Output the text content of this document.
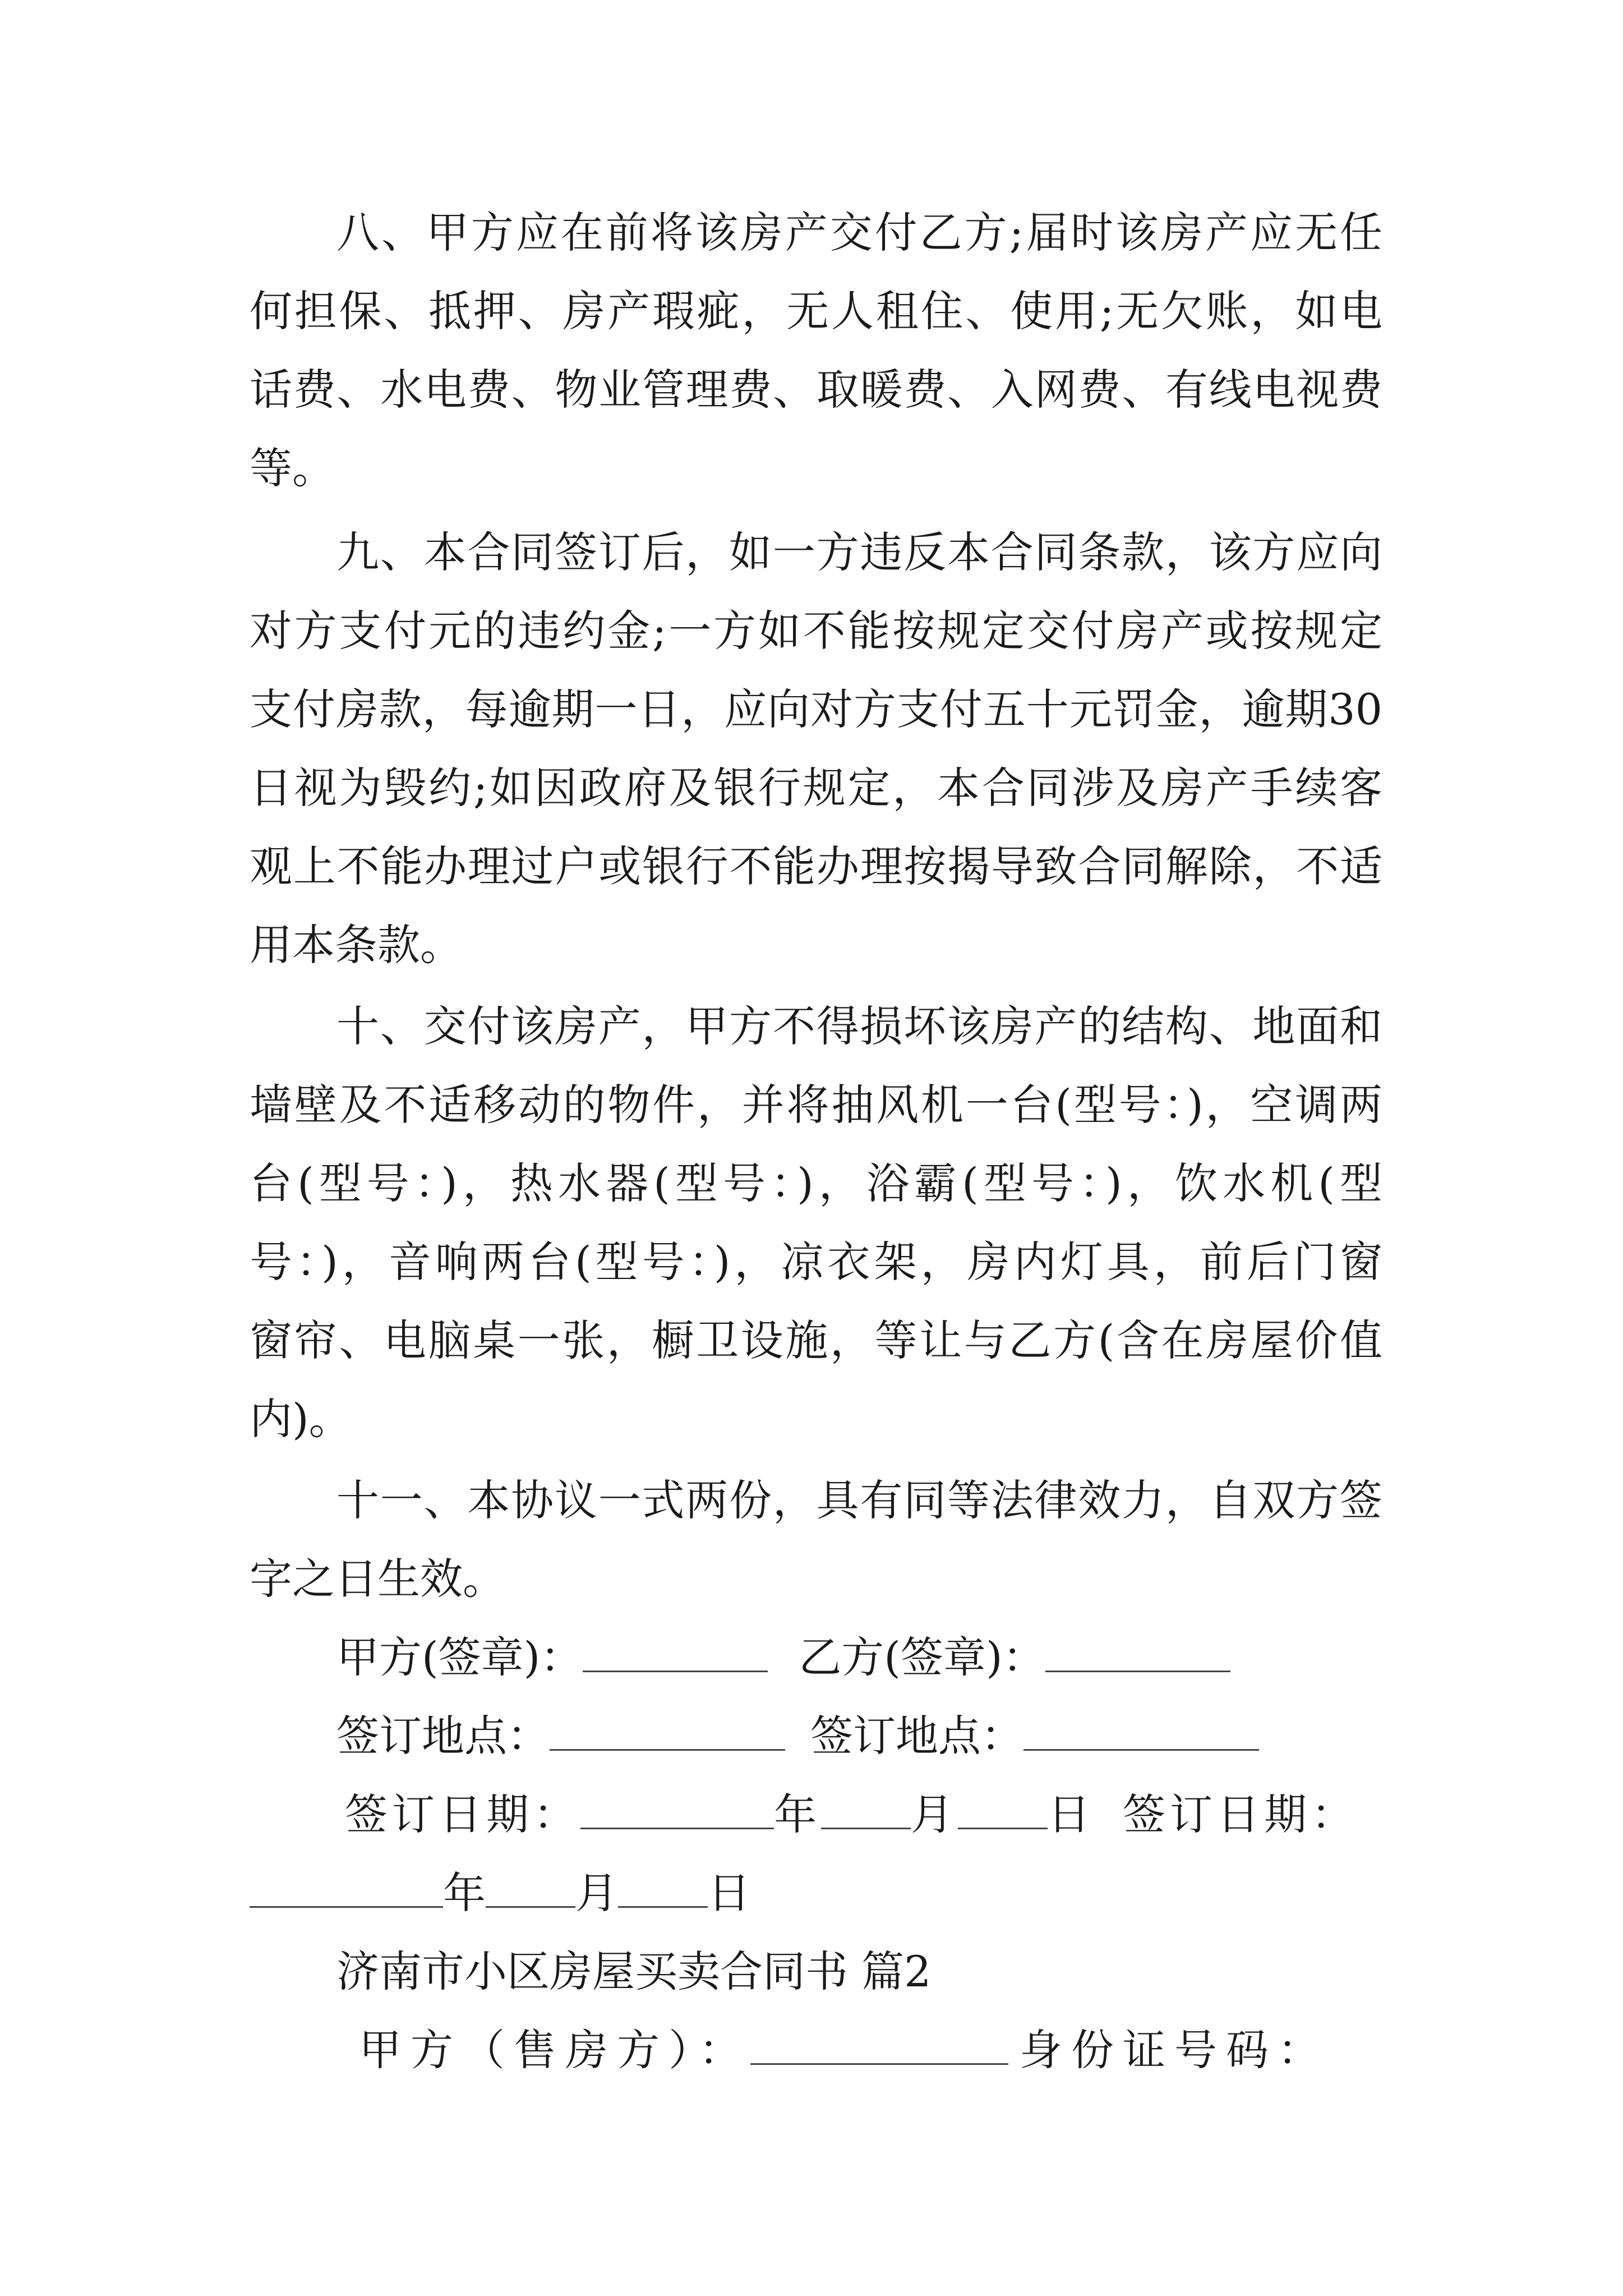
八、甲方应在前将该房产交付乙方;届时该房产应无任
何担保、抵押、房产瑕疵，无人租住、使用;无欠账，如电
话费、水电费、物业管理费、取暖费、入网费、有线电视费
等。
九、本合同签订后，如一方违反本合同条款，该方应向
对方支付元的违约金;一方如不能按规定交付房产或按规定
支付房款，每逾期一日，应向对方支付五十元罚金，逾期30
日视为毁约;如因政府及银行规定，本合同涉及房产手续客
观上不能办理过户或银行不能办理按揭导致合同解除，不适
用本条款。
十、交付该房产，甲方不得损坏该房产的结构、地面和
墙壁及不适移动的物件，并将抽风机一台(型号：)，空调两
台(型号：)，热水器(型号：)，浴霸(型号：)，饮水机(型
号：)，音响两台(型号：)，凉衣架，房内灯具，前后门窗
窗帘、电脑桌一张，橱卫设施，等让与乙方(含在房屋价值
内)。
十一、本协议一式两份，具有同等法律效力，自双方签
字之日生效。
甲方(签章)：	乙方(签章)：
签订地点：	签订地点：
签订日期：	年 月 日 签订日期：
年 月 日
济南市小区房屋买卖合同书 篇2
甲方（售房方）：	身份证号码：
